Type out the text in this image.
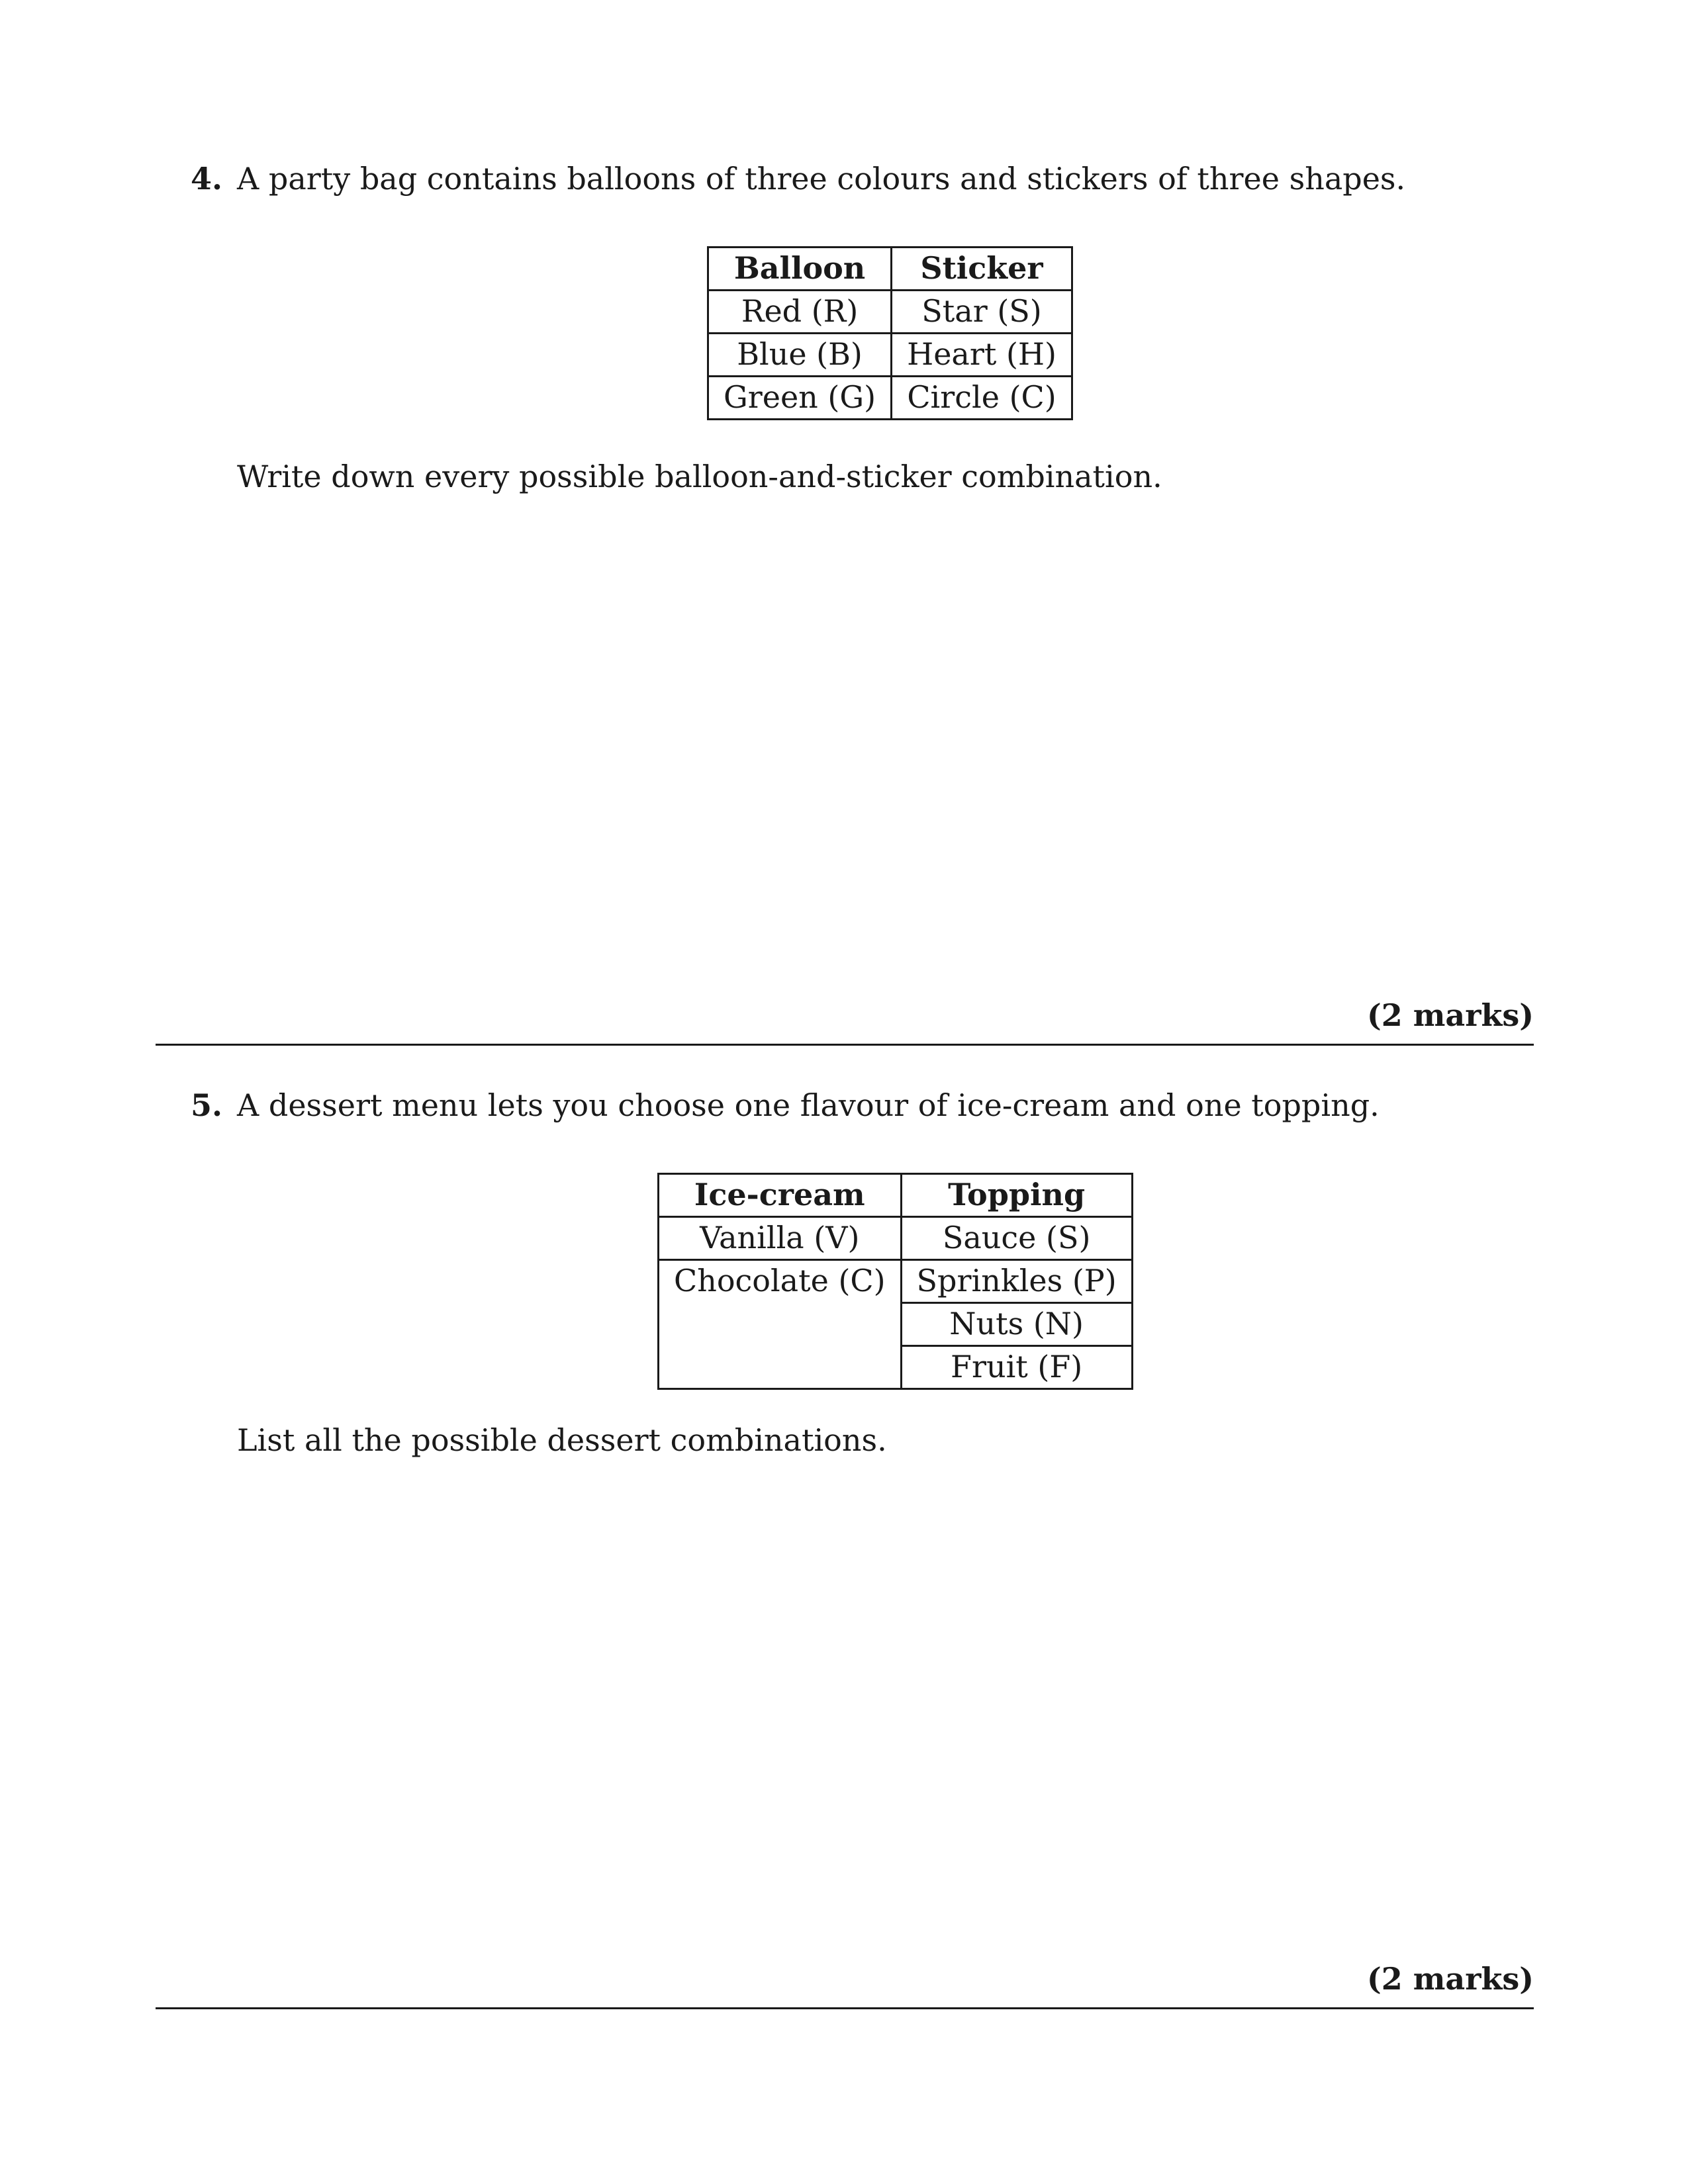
4. A party bag contains balloons of three colours and stickers of three shapes.
Balloon	Sticker
Red (R)	Star (S)
Blue (B)	Heart (H)
Green (G)	Circle (C)
Write down every possible balloon-and-sticker combination.
(2 marks)
5. A dessert menu lets you choose one flavour of ice-cream and one topping.
Ice-cream	Topping
Vanilla (V)	Sauce (S)
Chocolate (C)	Sprinkles (P)
	Nuts (N)
	Fruit (F)
List all the possible dessert combinations.
(2 marks)
